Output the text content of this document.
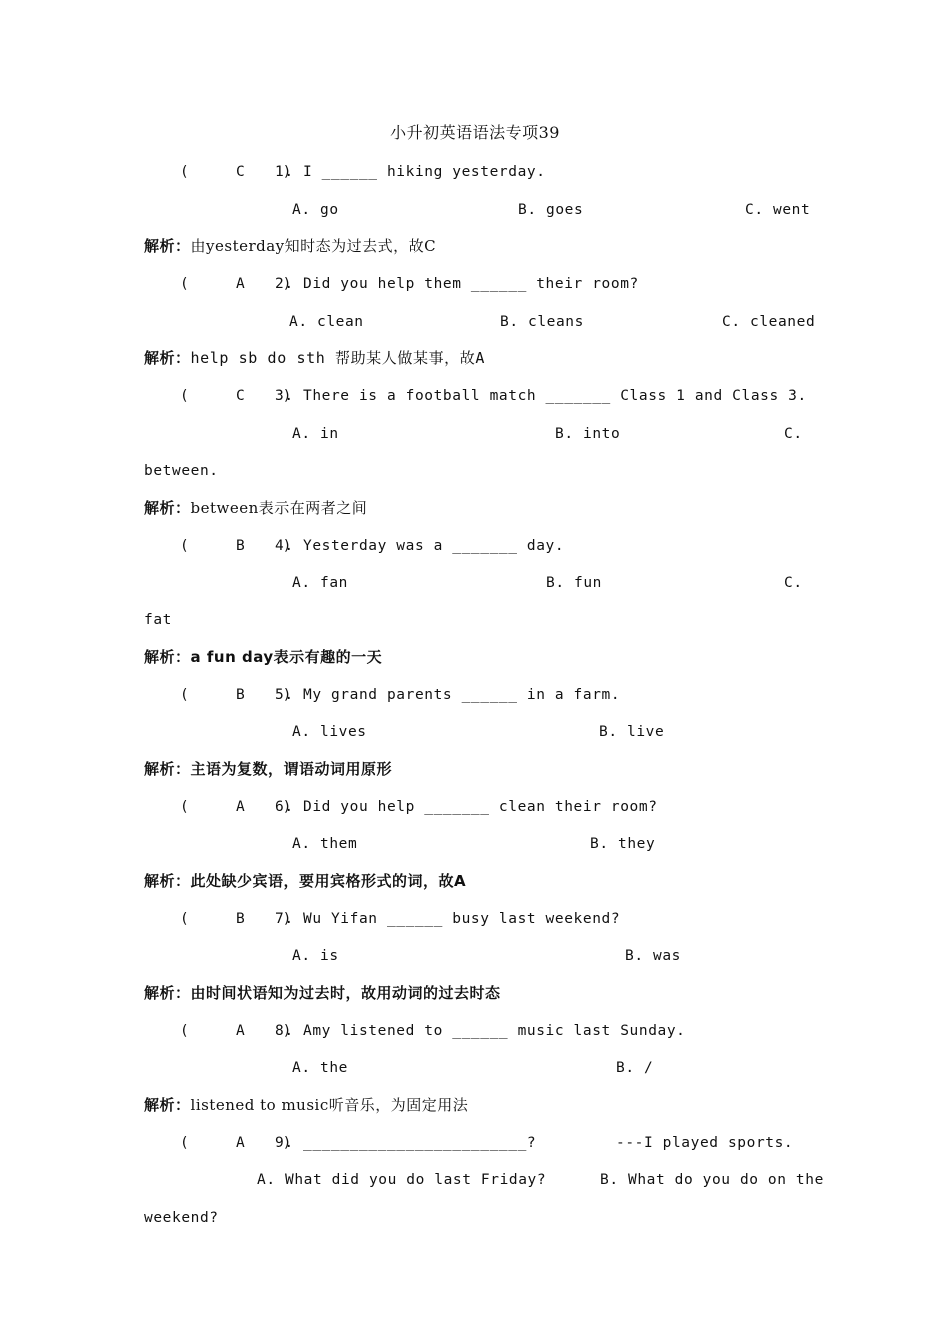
小升初英语语法专项39
(     C    )
1. I ______ hiking yesterday.
A. go	B. goes	C. went
解析：由yesterday知时态为过去式，故C
(     A    )
2. Did you help them ______ their room?
A. clean	B. cleans	C. cleaned
解析：help sb do sth 帮助某人做某事，故A
(     C    )
3. There is a football match _______ Class 1 and Class 3.
A. in	B. into	C.
between.
解析：between表示在两者之间
(     B    )
4. Yesterday was a _______ day.
A. fan	B. fun	C.
fat
解析：a fun day表示有趣的一天
(     B    )
5. My grand parents ______ in a farm.
A. lives	B. live
解析：主语为复数，谓语动词用原形
(     A    )
6. Did you help _______ clean their room?
A. them	B. they
解析：此处缺少宾语，要用宾格形式的词，故A
(     B    )
7. Wu Yifan ______ busy last weekend?
A. is	B. was
解析：由时间状语知为过去时，故用动词的过去时态
(     A    )
8. Amy listened to ______ music last Sunday.
A. the	B. /
解析：listened to music听音乐，为固定用法
(     A    )
9. ________________________?	---I played sports.
A. What did you do last Friday?	B. What do you do on the
weekend?
